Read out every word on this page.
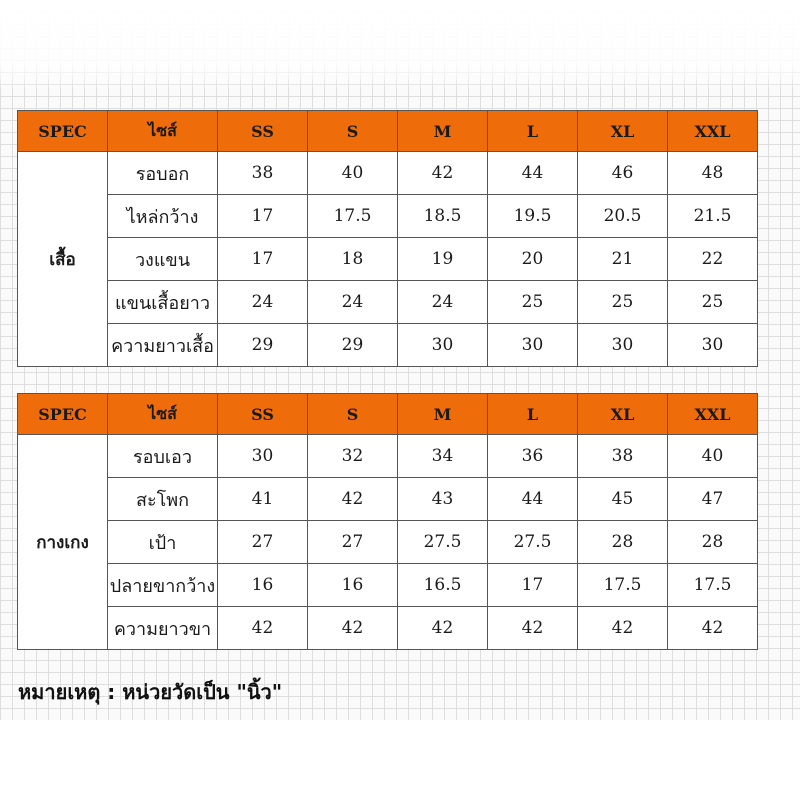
SPEC	ไซส์	SS	S	M	L	XL	XXL
เสื้อ	รอบอก	38	40	42	44	46	48
	ไหล่กว้าง	17	17.5	18.5	19.5	20.5	21.5
	วงแขน	17	18	19	20	21	22
	แขนเสื้อยาว	24	24	24	25	25	25
	ความยาวเสื้อ	29	29	30	30	30	30
SPEC	ไซส์	SS	S	M	L	XL	XXL
กางเกง	รอบเอว	30	32	34	36	38	40
	สะโพก	41	42	43	44	45	47
	เป้า	27	27	27.5	27.5	28	28
	ปลายขากว้าง	16	16	16.5	17	17.5	17.5
	ความยาวขา	42	42	42	42	42	42
หมายเหตุ : หน่วยวัดเป็น "นิ้ว"
